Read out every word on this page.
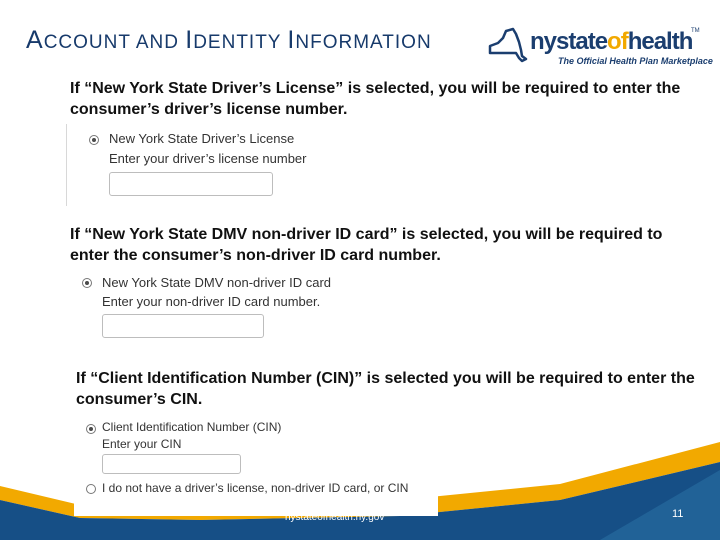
ACCOUNT AND IDENTITY INFORMATION	nystateofhealth
TM
The Official Health Plan Marketplace
If “New York State Driver’s License” is selected, you will be required to enter the consumer’s driver’s license number.
New York State Driver’s License
Enter your driver’s license number
If “New York State DMV non-driver ID card” is selected, you will be required to enter the consumer’s non-driver ID card number.
New York State DMV non-driver ID card
Enter your non-driver ID card number.
If “Client Identification Number (CIN)” is selected you will be required to enter the consumer’s CIN.
Client Identification Number (CIN)
Enter your CIN
I do not have a driver’s license, non-driver ID card, or CIN
nystateofhealth.ny.gov	11
